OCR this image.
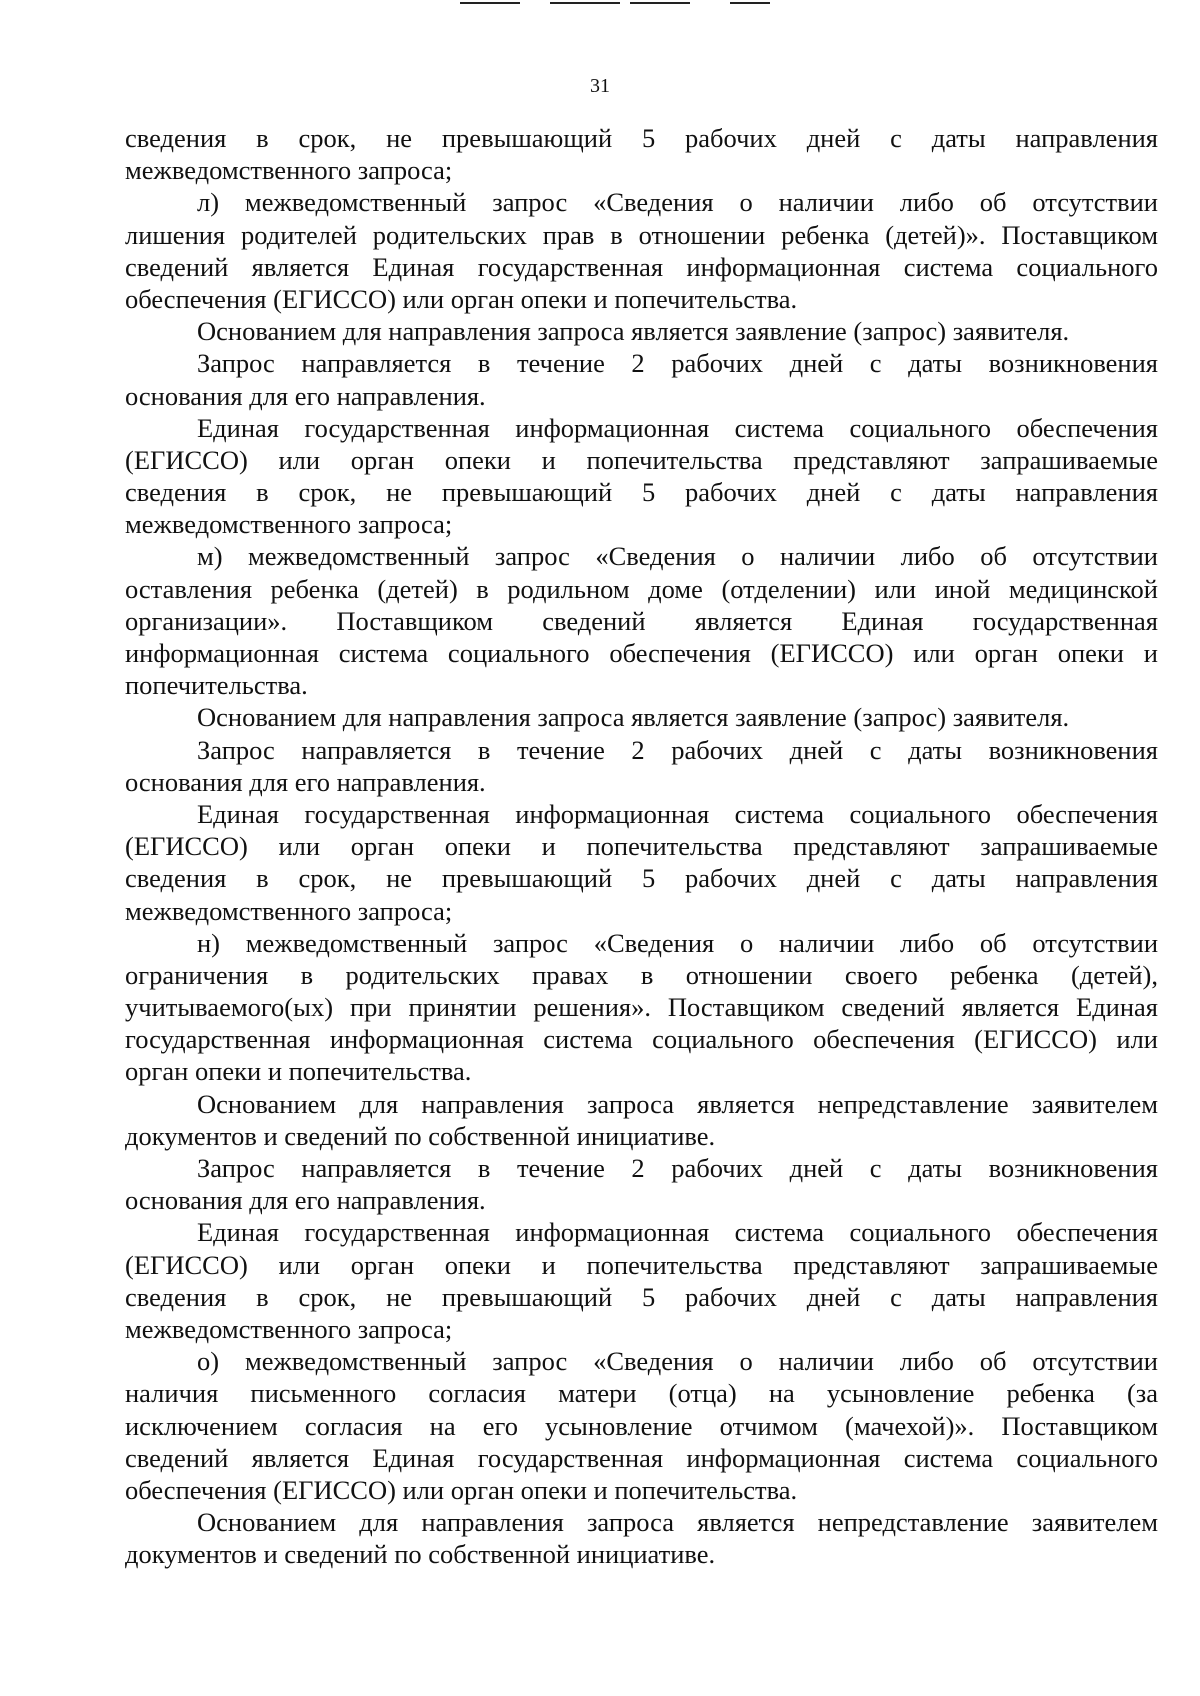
31
сведения в срок, не превышающий 5 рабочих дней с даты направления
межведомственного запроса;
л) межведомственный запрос «Сведения о наличии либо об отсутствии
лишения родителей родительских прав в отношении ребенка (детей)». Поставщиком
сведений является Единая государственная информационная система социального
обеспечения (ЕГИССО) или орган опеки и попечительства.
Основанием для направления запроса является заявление (запрос) заявителя.
Запрос направляется в течение 2 рабочих дней с даты возникновения
основания для его направления.
Единая государственная информационная система социального обеспечения
(ЕГИССО) или орган опеки и попечительства представляют запрашиваемые
сведения в срок, не превышающий 5 рабочих дней с даты направления
межведомственного запроса;
м) межведомственный запрос «Сведения о наличии либо об отсутствии
оставления ребенка (детей) в родильном доме (отделении) или иной медицинской
организации». Поставщиком сведений является Единая государственная
информационная система социального обеспечения (ЕГИССО) или орган опеки и
попечительства.
Основанием для направления запроса является заявление (запрос) заявителя.
Запрос направляется в течение 2 рабочих дней с даты возникновения
основания для его направления.
Единая государственная информационная система социального обеспечения
(ЕГИССО) или орган опеки и попечительства представляют запрашиваемые
сведения в срок, не превышающий 5 рабочих дней с даты направления
межведомственного запроса;
н) межведомственный запрос «Сведения о наличии либо об отсутствии
ограничения в родительских правах в отношении своего ребенка (детей),
учитываемого(ых) при принятии решения». Поставщиком сведений является Единая
государственная информационная система социального обеспечения (ЕГИССО) или
орган опеки и попечительства.
Основанием для направления запроса является непредставление заявителем
документов и сведений по собственной инициативе.
Запрос направляется в течение 2 рабочих дней с даты возникновения
основания для его направления.
Единая государственная информационная система социального обеспечения
(ЕГИССО) или орган опеки и попечительства представляют запрашиваемые
сведения в срок, не превышающий 5 рабочих дней с даты направления
межведомственного запроса;
о) межведомственный запрос «Сведения о наличии либо об отсутствии
наличия письменного согласия матери (отца) на усыновление ребенка (за
исключением согласия на его усыновление отчимом (мачехой)». Поставщиком
сведений является Единая государственная информационная система социального
обеспечения (ЕГИССО) или орган опеки и попечительства.
Основанием для направления запроса является непредставление заявителем
документов и сведений по собственной инициативе.
